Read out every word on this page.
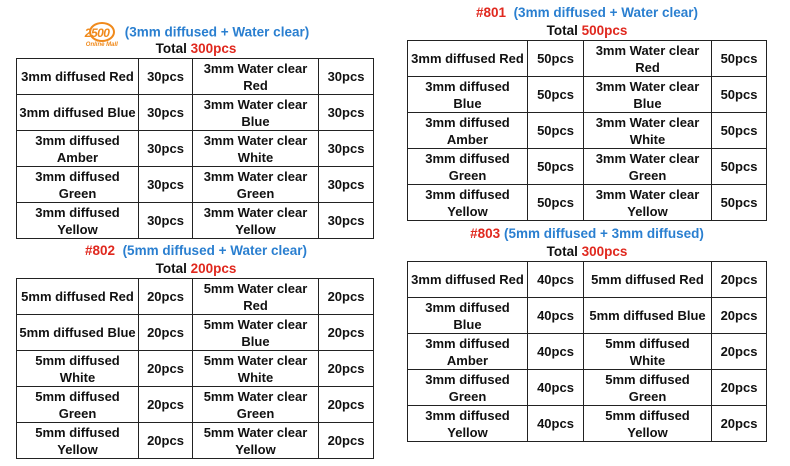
2500
Online Mall
(3mm diffused + Water clear)
Total 300pcs
3mm diffused Red	30pcs	3mm Water clear Red	30pcs
3mm diffused Blue	30pcs	3mm Water clear Blue	30pcs
3mm diffused Amber	30pcs	3mm Water clear White	30pcs
3mm diffused Green	30pcs	3mm Water clear Green	30pcs
3mm diffused Yellow	30pcs	3mm Water clear Yellow	30pcs
#801 (3mm diffused + Water clear)
Total 500pcs
3mm diffused Red	50pcs	3mm Water clear Red	50pcs
3mm diffused Blue	50pcs	3mm Water clear Blue	50pcs
3mm diffused Amber	50pcs	3mm Water clear White	50pcs
3mm diffused Green	50pcs	3mm Water clear Green	50pcs
3mm diffused Yellow	50pcs	3mm Water clear Yellow	50pcs
#802 (5mm diffused + Water clear)
Total 200pcs
5mm diffused Red	20pcs	5mm Water clear Red	20pcs
5mm diffused Blue	20pcs	5mm Water clear Blue	20pcs
5mm diffused White	20pcs	5mm Water clear White	20pcs
5mm diffused Green	20pcs	5mm Water clear Green	20pcs
5mm diffused Yellow	20pcs	5mm Water clear Yellow	20pcs
#803 (5mm diffused + 3mm diffused)
Total 300pcs
3mm diffused Red	40pcs	5mm diffused Red	20pcs
3mm diffused Blue	40pcs	5mm diffused Blue	20pcs
3mm diffused Amber	40pcs	5mm diffused White	20pcs
3mm diffused Green	40pcs	5mm diffused Green	20pcs
3mm diffused Yellow	40pcs	5mm diffused Yellow	20pcs
